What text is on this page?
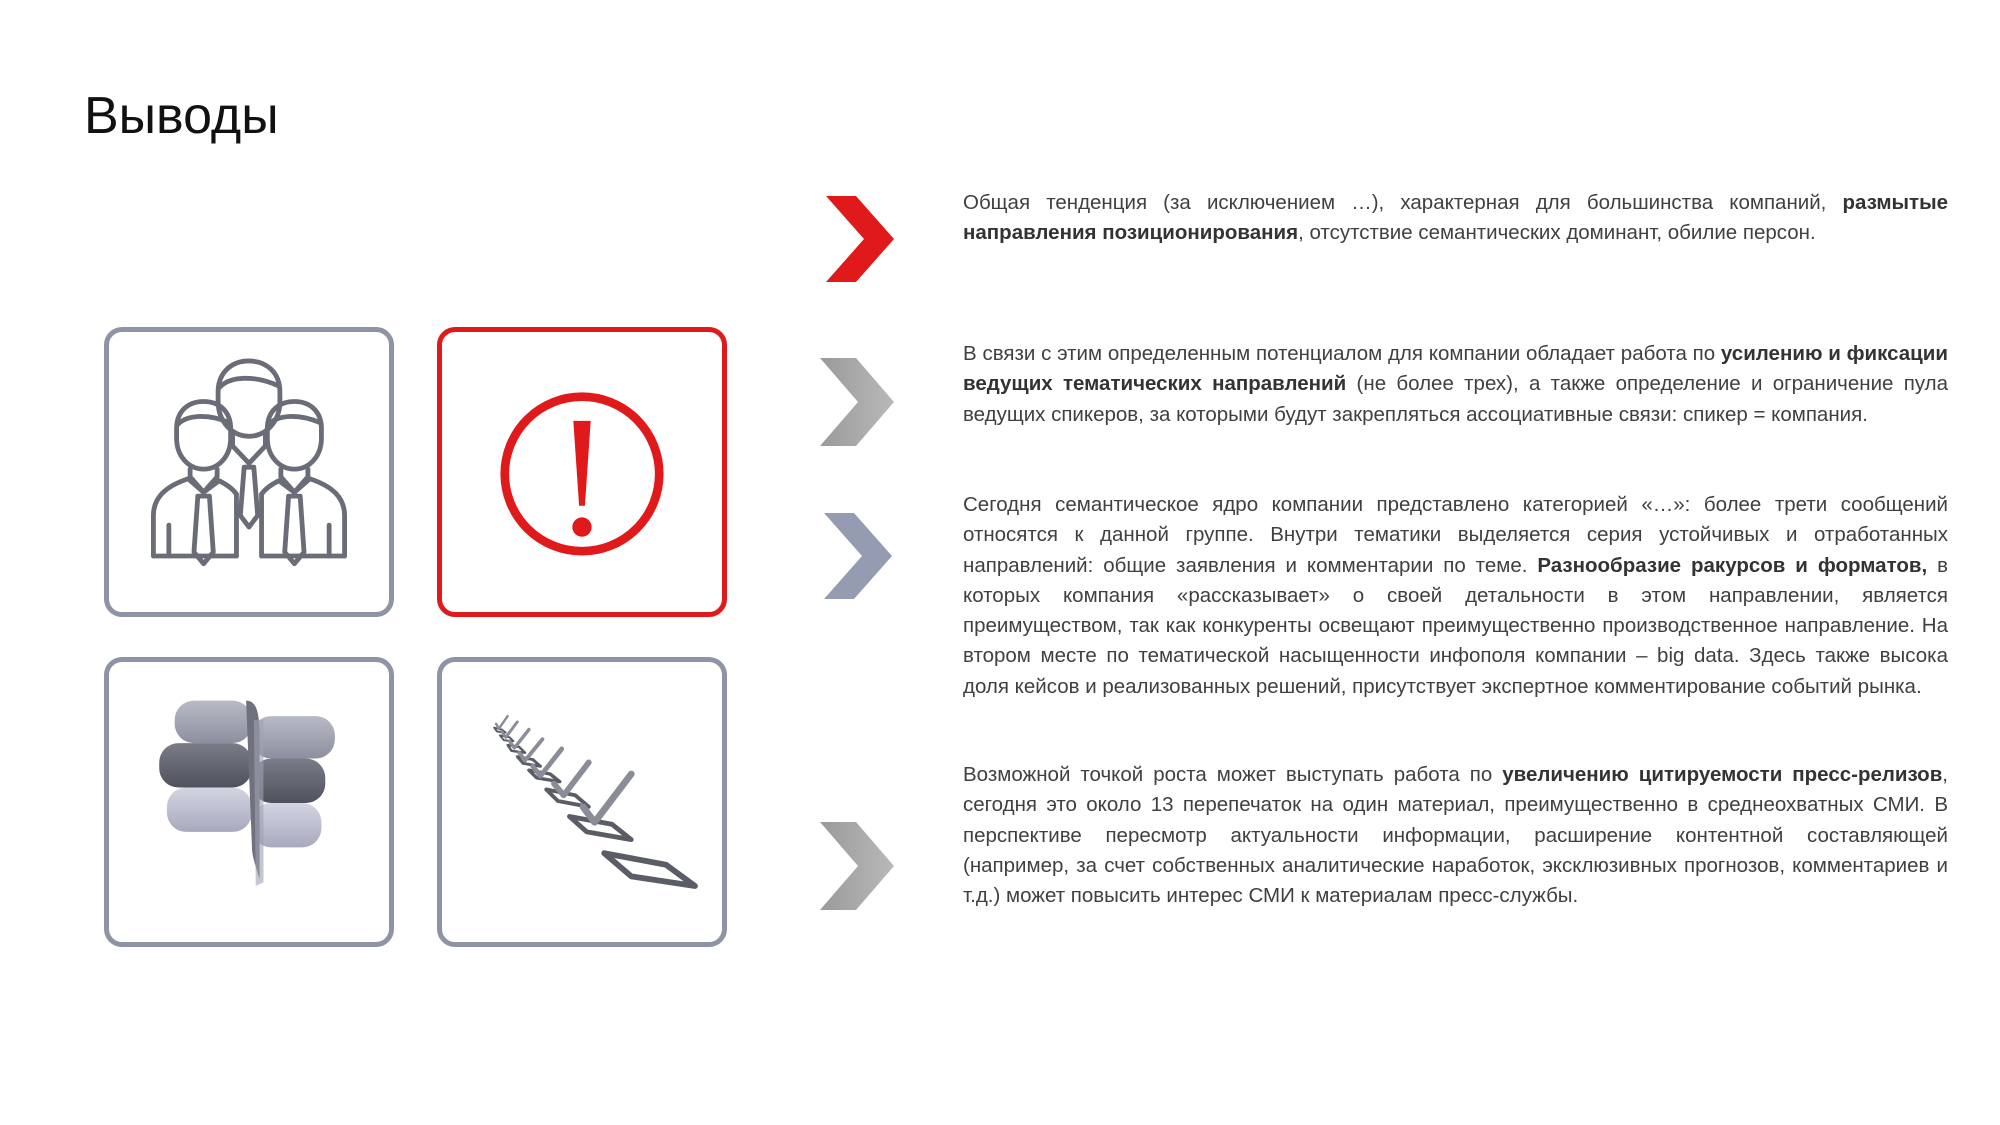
Выводы

Общая тенденция (за исключением …), характерная для большинства компаний, размытые направления позиционирования, отсутствие семантических доминант, обилие персон.

В связи с этим определенным потенциалом для компании обладает работа по усилению и фиксации ведущих тематических направлений (не более трех), а также определение и ограничение пула ведущих спикеров, за которыми будут закрепляться ассоциативные связи: спикер = компания.

Сегодня семантическое ядро компании представлено категорией «…»: более трети сообщений относятся к данной группе. Внутри тематики выделяется серия устойчивых и отработанных направлений: общие заявления и комментарии по теме. Разнообразие ракурсов и форматов, в которых компания «рассказывает» о своей детальности в этом направлении, является преимуществом, так как конкуренты освещают преимущественно производственное направление. На втором месте по тематической насыщенности инфополя компании – big data. Здесь также высока доля кейсов и реализованных решений, присутствует экспертное комментирование событий рынка.

Возможной точкой роста может выступать работа по увеличению цитируемости пресс-релизов, сегодня это около 13 перепечаток на один материал, преимущественно в среднеохватных СМИ. В перспективе пересмотр актуальности информации, расширение контентной составляющей (например, за счет собственных аналитические наработок, эксклюзивных прогнозов, комментариев и т.д.) может повысить интерес СМИ к материалам пресс-службы.
